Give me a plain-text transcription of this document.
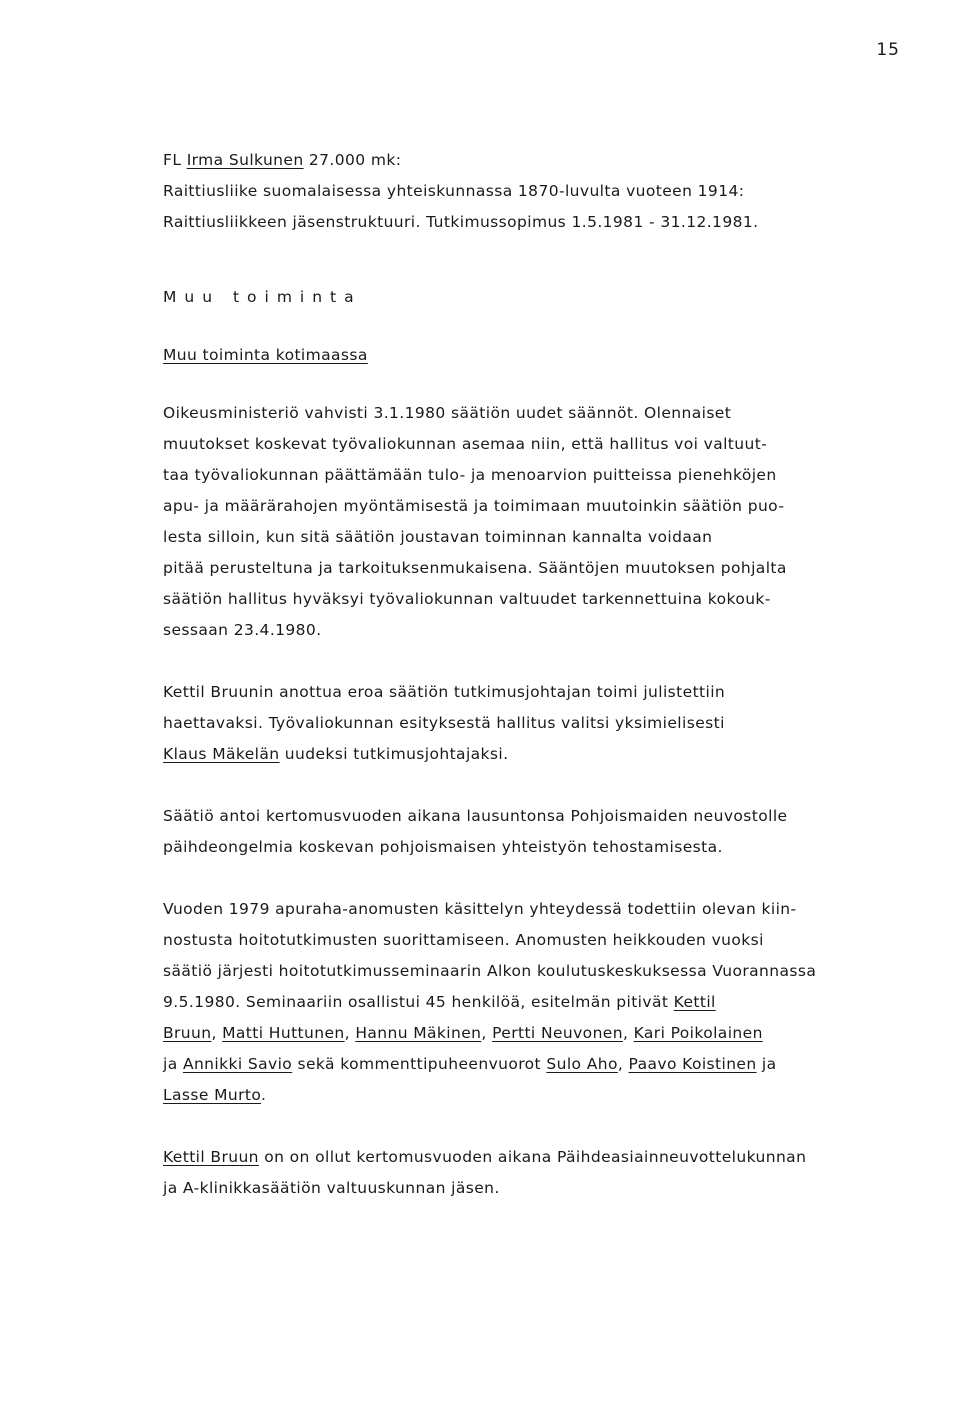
15

FL Irma Sulkunen 27.000 mk:

Raittiusliike suomalaisessa yhteiskunnassa 1870-luvulta vuoteen 1914:

Raittiusliikkeen jäsenstruktuuri. Tutkimussopimus 1.5.1981 - 31.12.1981.

Muu toiminta

Muu toiminta kotimaassa

Oikeusministeriö vahvisti 3.1.1980 säätiön uudet säännöt. Olennaiset

muutokset koskevat työvaliokunnan asemaa niin, että hallitus voi valtuut-

taa työvaliokunnan päättämään tulo- ja menoarvion puitteissa pienehköjen

apu- ja määrärahojen myöntämisestä ja toimimaan muutoinkin säätiön puo-

lesta silloin, kun sitä säätiön joustavan toiminnan kannalta voidaan

pitää perusteltuna ja tarkoituksenmukaisena. Sääntöjen muutoksen pohjalta

säätiön hallitus hyväksyi työvaliokunnan valtuudet tarkennettuina kokouk-

sessaan 23.4.1980.

Kettil Bruunin anottua eroa säätiön tutkimusjohtajan toimi julistettiin

haettavaksi. Työvaliokunnan esityksestä hallitus valitsi yksimielisesti

Klaus Mäkelän uudeksi tutkimusjohtajaksi.

Säätiö antoi kertomusvuoden aikana lausuntonsa Pohjoismaiden neuvostolle

päihdeongelmia koskevan pohjoismaisen yhteistyön tehostamisesta.

Vuoden 1979 apuraha-anomusten käsittelyn yhteydessä todettiin olevan kiin-

nostusta hoitotutkimusten suorittamiseen. Anomusten heikkouden vuoksi

säätiö järjesti hoitotutkimusseminaarin Alkon koulutuskeskuksessa Vuorannassa

9.5.1980. Seminaariin osallistui 45 henkilöä, esitelmän pitivät Kettil

Bruun, Matti Huttunen, Hannu Mäkinen, Pertti Neuvonen, Kari Poikolainen

ja Annikki Savio sekä kommenttipuheenvuorot Sulo Aho, Paavo Koistinen ja

Lasse Murto.

Kettil Bruun on on ollut kertomusvuoden aikana Päihdeasiainneuvottelukunnan

ja A-klinikkasäätiön valtuuskunnan jäsen.
